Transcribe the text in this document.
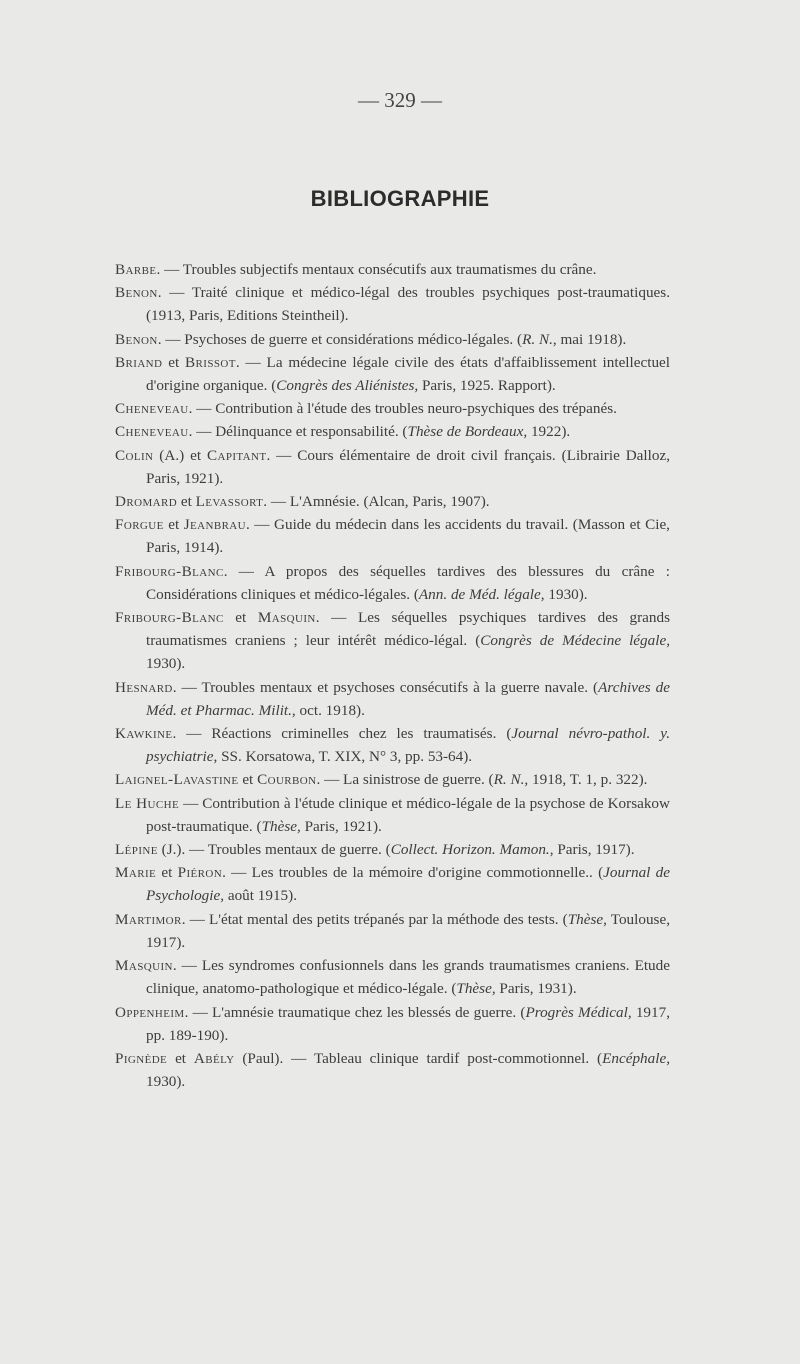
— 329 —
BIBLIOGRAPHIE

Barbe. — Troubles subjectifs mentaux consécutifs aux traumatismes du crâne.

Benon. — Traité clinique et médico-légal des troubles psychiques post-traumatiques. (1913, Paris, Editions Steintheil).

Benon. — Psychoses de guerre et considérations médico-légales. (R. N., mai 1918).

Briand et Brissot. — La médecine légale civile des états d'affaiblissement intellectuel d'origine organique. (Congrès des Aliénistes, Paris, 1925. Rapport).

Cheneveau. — Contribution à l'étude des troubles neuro-psychiques des trépanés.

Cheneveau. — Délinquance et responsabilité. (Thèse de Bordeaux, 1922).

Colin (A.) et Capitant. — Cours élémentaire de droit civil français. (Librairie Dalloz, Paris, 1921).

Dromard et Levassort. — L'Amnésie. (Alcan, Paris, 1907).

Forgue et Jeanbrau. — Guide du médecin dans les accidents du travail. (Masson et Cie, Paris, 1914).

Fribourg-Blanc. — A propos des séquelles tardives des blessures du crâne : Considérations cliniques et médico-légales. (Ann. de Méd. légale, 1930).

Fribourg-Blanc et Masquin. — Les séquelles psychiques tardives des grands traumatismes craniens ; leur intérêt médico-légal. (Congrès de Médecine légale, 1930).

Hesnard. — Troubles mentaux et psychoses consécutifs à la guerre navale. (Archives de Méd. et Pharmac. Milit., oct. 1918).

Kawkine. — Réactions criminelles chez les traumatisés. (Journal névro-pathol. y. psychiatrie, SS. Korsatowa, T. XIX, N° 3, pp. 53-64).

Laignel-Lavastine et Courbon. — La sinistrose de guerre. (R. N., 1918, T. 1, p. 322).

Le Huche — Contribution à l'étude clinique et médico-légale de la psychose de Korsakow post-traumatique. (Thèse, Paris, 1921).

Lépine (J.). — Troubles mentaux de guerre. (Collect. Horizon. Mamon., Paris, 1917).

Marie et Piéron. — Les troubles de la mémoire d'origine commotionnelle.. (Journal de Psychologie, août 1915).

Martimor. — L'état mental des petits trépanés par la méthode des tests. (Thèse, Toulouse, 1917).

Masquin. — Les syndromes confusionnels dans les grands traumatismes craniens. Etude clinique, anatomo-pathologique et médico-légale. (Thèse, Paris, 1931).

Oppenheim. — L'amnésie traumatique chez les blessés de guerre. (Progrès Médical, 1917, pp. 189-190).

Pignède et Abély (Paul). — Tableau clinique tardif post-commotionnel. (Encéphale, 1930).
